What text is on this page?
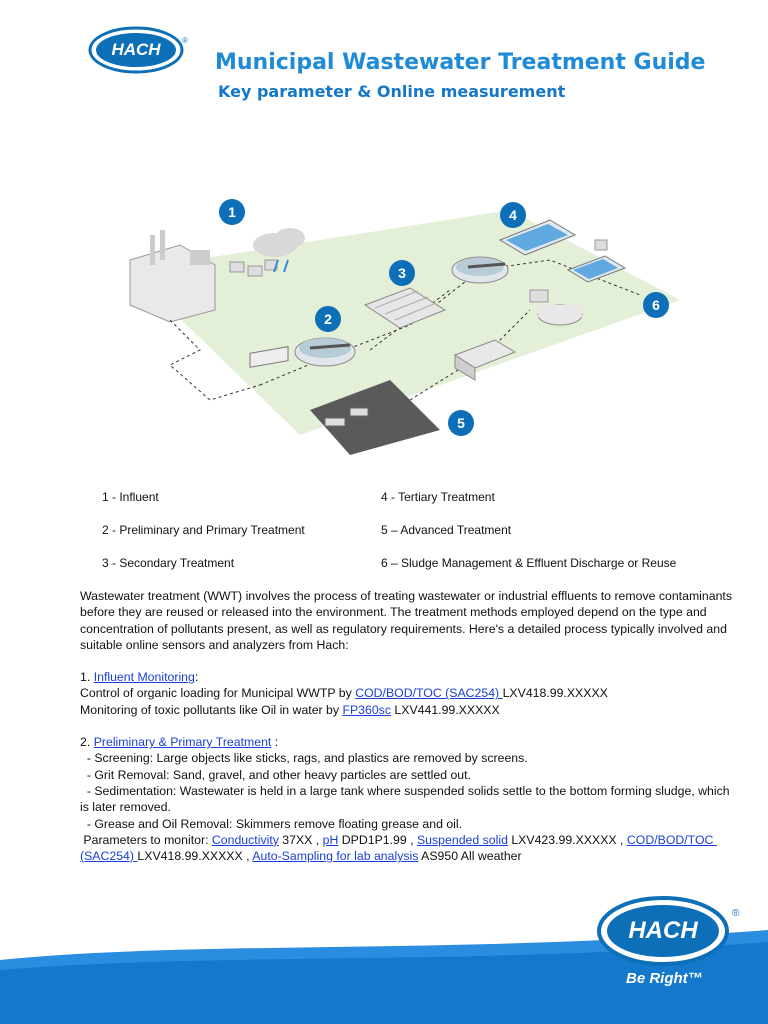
HACH	®
Municipal Wastewater Treatment Guide
Key parameter & Online measurement
1
2
3
4
5
6
1 - Influent
2 - Preliminary and Primary Treatment
3 - Secondary Treatment
4 - Tertiary Treatment
5 – Advanced Treatment
6 – Sludge Management & Effluent Discharge or Reuse

Wastewater treatment (WWT) involves the process of treating wastewater or industrial effluents to remove contaminants before they are reused or released into the environment. The treatment methods employed depend on the type and concentration of pollutants present, as well as regulatory requirements. Here's a detailed process typically involved and suitable online sensors and analyzers from Hach:

1. Influent Monitoring:

Control of organic loading for Municipal WWTP by COD/BOD/TOC (SAC254) LXV418.99.XXXXX

Monitoring of toxic pollutants like Oil in water by FP360sc LXV441.99.XXXXX

2. Preliminary & Primary Treatment :

- Screening: Large objects like sticks, rags, and plastics are removed by screens.

- Grit Removal: Sand, gravel, and other heavy particles are settled out.

- Sedimentation: Wastewater is held in a large tank where suspended solids settle to the bottom forming sludge, which is later removed.

- Grease and Oil Removal: Skimmers remove floating grease and oil.

Parameters to monitor: Conductivity 37XX , pH DPD1P1.99 , Suspended solid LXV423.99.XXXXX , COD/BOD/TOC (SAC254) LXV418.99.XXXXX , Auto-Sampling for lab analysis AS950 All weather

HACH
®
Be Right™
